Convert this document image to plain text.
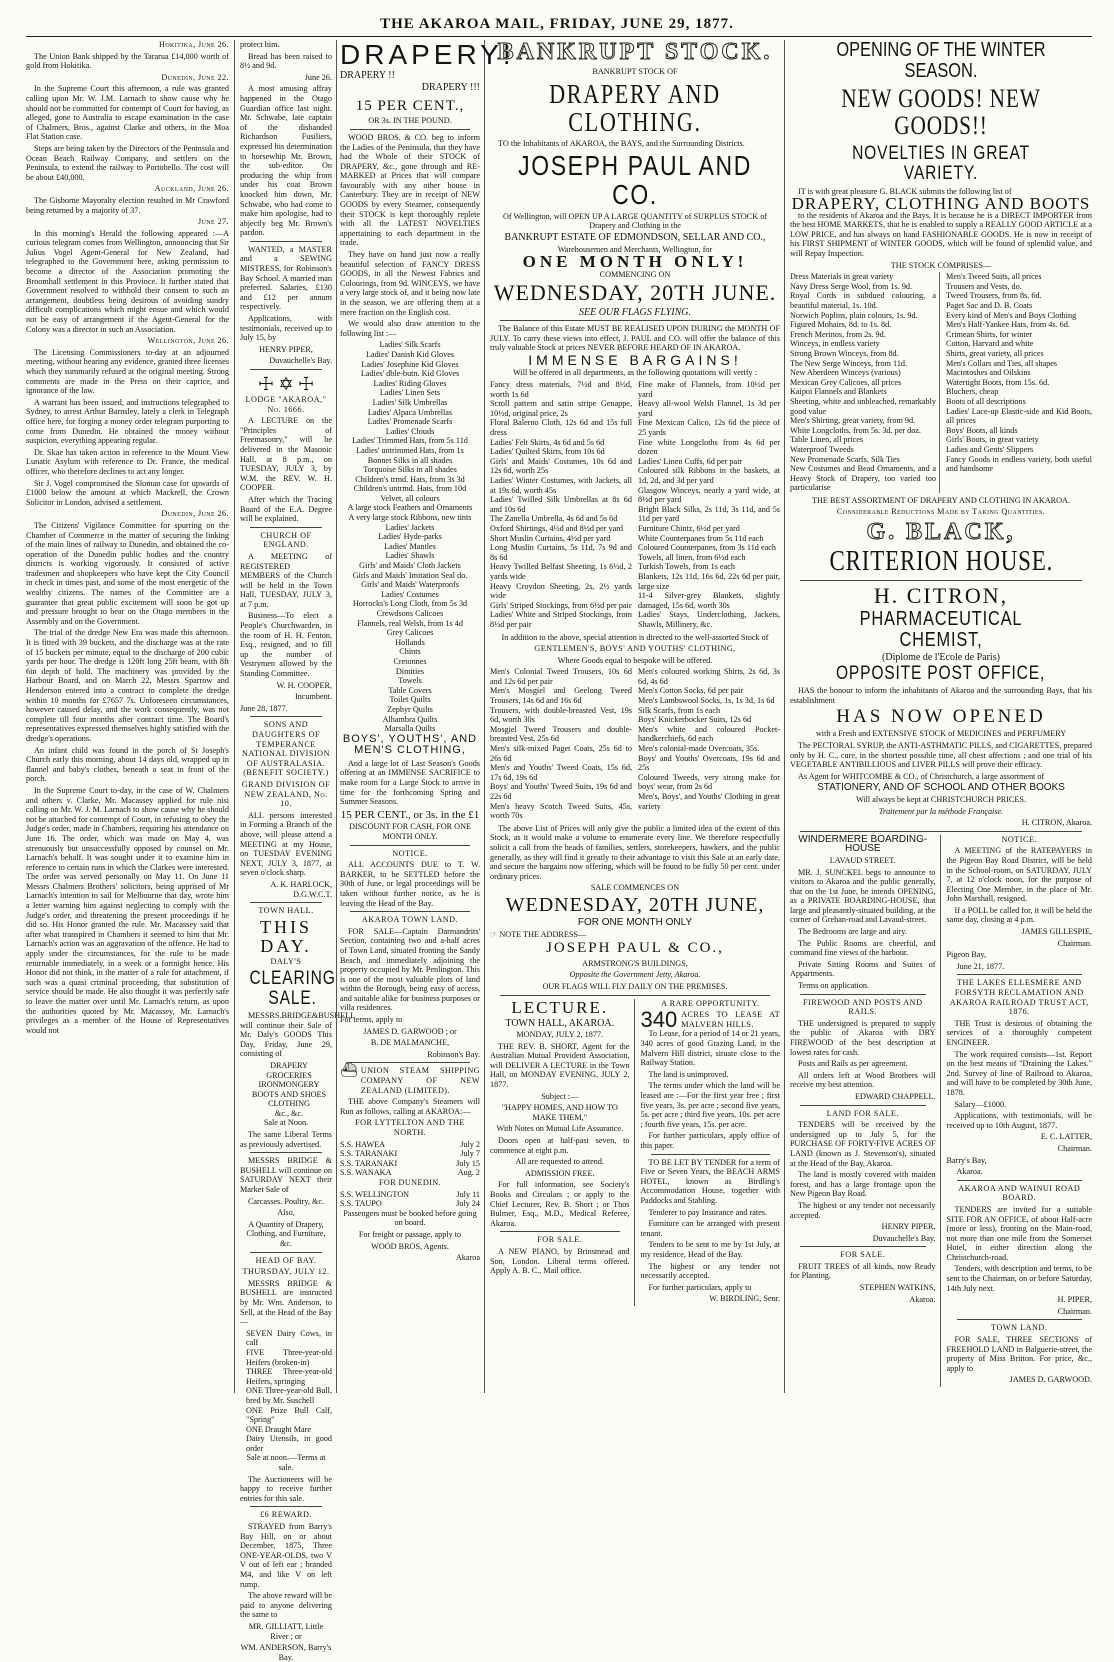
THE AKAROA MAIL, FRIDAY, JUNE 29, 1877.

Hokitika, June 26.

The Union Bank shipped by the Tararua £14,000 worth of gold from Hokitika.

Dunedin, June 22.

In the Supreme Court this afternoon, a rule was granted calling upon Mr. W. J.M. Larnach to show cause why he should not be committed for contempt of Court for having, as alleged, gone to Australia to escape examination in the case of Chalmers, Bros., against Clarke and others, in the Moa Flat Station case.

Steps are being taken by the Directors of the Peninsula and Ocean Beach Railway Company, and settlers on the Peninsula, to extend the railway to Portobello. The cost will be about £40,000.

Auckland, June 26.

The Gisborne Mayoralty election resulted in Mr Crawford being returned by a majority of 37.

June 27.

In this morning's Herald the following appeared :—A curious telegram comes from Wellington, announcing that Sir Julius Vogel Agent-General for New Zealand, had telegraphed to the Government here, asking permission to become a director of the Association promoting the Broomhall settlement in this Province. It further stated that Government resolved to withhold their consent to such an arrangement, doubtless being desirous of avoiding sundry difficult complications which might ensue and which would not be easy of arrangement if the Agent-General for the Colony was a director in such an Association.

Wellington, June 26.

The Licensing Commissioners to-day at an adjourned meeting, without hearing any evidence, granted three licenses which they summarily refused at the original meeting. Strong comments are made in the Press on their caprice, and ignorance of the law.

A warrant has been issued, and instructions telegraphed to Sydney, to arrest Arthur Barnsley, lately a clerk in Telegraph office here, for forging a money order telegram purporting to come from Dunedin. He obtained the money without suspicion, everything appearing regular.

Dr. Skae has taken action in reference to the Mount View Lunatic Asylum with reference to Dr. France, the medical officer, who therefore declines to act any longer.

Sir J. Vogel compromised the Sloman case for upwards of £1000 below the amount at which Mackrell, the Crown Solicitor in London, advised a settlement.

Dunedin, June 26.

The Citizens' Vigilance Committee for spurring on the Chamber of Commerce in the matter of securing the linking of the main lines of railway to Dunedin, and obtained the co-operation of the Dunedin public bodies and the country districts is working vigorously. It consisted of active tradesmen and shopkeepers who have kept the City Council in check in times past, and some of the most energetic of the wealthy citizens. The names of the Committee are a guarantee that great public excitement will soon be got up and pressure brought to bear on the Otago members in the Assembly and on the Government.

The trial of the dredge New Era was made this afternoon. It is fitted with 39 buckets, and the discharge was at the rate of 15 buckets per minute, equal to the discharge of 200 cubic yards per hour. The dredge is 120ft long 25ft beam, with 8ft 6in depth of hold. The machinery was provided by the Harbour Board, and on March 22, Messrs Sparrow and Henderson entered into a contract to complete the dredge within 10 months for £7657 7s. Unforeseen circumstances, however caused delay, and the work consequently, was not complete till four months after contract time. The Board's representatives expressed themselves highly satisfied with the dredge's operations.

An infant child was found in the porch of St Joseph's Church early this morning, about 14 days old, wrapped up in flannel and baby's clothes, beneath a seat in front of the porch.

In the Supreme Court to-day, in the case of W. Chalmers and others v. Clarke, Mr. Macassey applied for rule nisi calling on Mr. W. J. M. Larnach to show cause why he should not be attached for contempt of Court, in refusing to obey the Judge's order, made in Chambers, requiring his attendance on June 16. The order, which was made on May 4, was strenuously but unsuccessfully opposed by counsel on Mr. Larnach's behalf. It was sought under it to examine him in reference to certain runs in which the Clarkes were interested. The order was served personally on May 11. On June 11 Messrs Chalmers Brothers' solicitors, being apprised of Mr Larnach's intention to sail for Melbourne that day, wrote him a letter warning him against neglecting to comply with the Judge's order, and threatening the present proceedings if he did so. His Honor granted the rule. Mr. Macassey said that after what transpired in Chambers it seemed to him that Mr. Larnach's action was an aggravation of the offence. He had to apply under the circumstances, for the rule to be made returnable immediately, in a week or a fortnight hence. His Honor did not think, in the matter of a rule for attachment, if such was a quasi criminal proceeding, that substitution of service should be made. He also thought it was perfectly safe to leave the matter over until Mr. Larnach's return, as upon the authorities quoted by Mr. Macassey, Mr. Larnach's privileges as a member of the House of Representatives would not

protect him.

Bread has been raised to 8½ and 9d.

June 26.

A most amusing affray happened in the Otago Guardian office last night. Mr. Schwabe, late captain of the disbanded Richardson Fusiliers, expressed his determination to horsewhip Mr. Brown, the sub-editor. On producing the whip from under his coat Brown knocked him down, Mr. Schwabe, who had come to make him apologise, had to abjectly beg Mr. Brown's pardon.

WANTED, a MASTER and a SEWING MISTRESS, for Robinson's Bay School. A married man preferred. Salaries, £130 and £12 per annum respectively.

Applications, with testimonials, received up to July 15, by

HENRY PIPER,

Duvauchelle's Bay.

☩ ✡ ☩

LODGE "AKAROA," No. 1666.

A LECTURE on the "Principles of Freemasonry," will be delivered in the Masonic Hall, at 8 p.m., on TUESDAY, JULY 3, by W.M. the REV. W. H. COOPER.

After which the Tracing Board of the E.A. Degree will be explained.

CHURCH OF ENGLAND.

A MEETING of REGISTERED MEMBERS of the Church will be held in the Town Hall, TUESDAY, JULY 3, at 7 p.m.

Business—To elect a People's Churchwarden, in the room of H. H. Fenton, Esq., resigned, and to fill up the number of Vestrymen allowed by the Standing Committee.

W. H. COOPER,

Incumbent.

June 28, 1877.

SONS AND DAUGHTERS OF TEMPERANCE NATIONAL DIVISION OF AUSTRALASIA. (BENEFIT SOCIETY.)

GRAND DIVISION OF NEW ZEALAND, No. 10.

ALL persons interested in Forming a Branch of the above, will please attend a MEETING at my House, on TUESDAY EVENING NEXT, JULY 3, 1877, at seven o'clock sharp.

A. K. HARLOCK, D.G.W.C.T.

TOWN HALL.

THIS DAY.

DALY'S

CLEARING SALE.

MESSRS.BRIDGE&BUSHELL will continue their Sale of Mr. Daly's GOODS This Day, Friday, June 29, consisting of

DRAPERY
GROCERIES
IRONMONGERY
BOOTS AND SHOES
CLOTHING
&c., &c.

Sale at Noon.

The same Liberal Terms as previously advertised.

MESSRS BRIDGE & BUSHELL will continue on SATURDAY NEXT their Market Sale of

Carcasses. Poultry, &c.

Also,

A Quantity of Drapery, Clothing, and Furniture, &c.

HEAD OF BAY.

THURSDAY, JULY 12.

MESSRS BRIDGE & BUSHELL are instructed by Mr. Wm. Anderson, to Sell, at the Head of the Bay—

SEVEN Dairy Cows, in calf
FIVE Three-year-old Heifers (broken-in)
THREE Three-year-old Heifers, springing
ONE Three-year-old Bull, bred by Mr. Suschell
ONE Prize Bull Calf, "Spring"
ONE Draught Mare
Dairy Utensils, in good order

Sale at noon.—Terms at sale.

The Auctioneers will be happy to receive further entries for this sale.

£6 REWARD.

STRAYED from Barry's Bay Hill, on or about December, 1875, Three ONE-YEAR-OLDS, two V V out of left ear ; branded M4, and like V on left rump.

The above reward will be paid to anyone delivering the same to

MR. GILLIATT, Little River ; or

WM. ANDERSON, Barry's Bay.

DRAPERY!

DRAPERY !!

DRAPERY !!!

15 PER CENT.,

OR 3s. IN THE POUND.

WOOD BROS. & CO. beg to inform the Ladies of the Peninsula, that they have had the Whole of their STOCK of DRAPERY, &c., gone through and RE-MARKED at Prices that will compare favourably with any other house in Canterbury. They are in receipt of NEW GOODS by every Steamer, consequently their STOCK is kept thoroughly replete with all the LATEST NOVELTIES appertaining to each department in the trade.

They have on hand just now a really beautiful selection of FANCY DRESS GOODS, in all the Newest Fabrics and Colourings, from 9d. WINCEYS, we have a very large stock of, and it being now late in the season, we are offering them at a mere fraction on the English cost.

We would also draw attention to the following list :—

Ladies' Silk Scarfs
Ladies' Danish Kid Gloves
Ladies' Josephine Kid Gloves
Ladies' dble-butn. Kid Gloves
Ladies' Riding Gloves
Ladies' Linen Sets
Ladies' Silk Umbrellas
Ladies' Alpaca Umbrellas
Ladies' Promenade Scarfs
Ladies' Clouds
Ladies' Trimmed Hats, from 5s 11d
Ladies' untrimmed Hats, from 1s
Bonnet Silks in all shades
Torquoise Silks in all shades
Children's trmd. Hats, from 3s 3d
Children's untrmd. Hats, from 10d
Velvet, all colours
A large stock Feathers and Ornaments
A very large stock Ribbons, new tints
Ladies' Jackets
Ladies' Hyde-parks
Ladies' Mantles
Ladies' Shawls
Girls' and Maids' Cloth Jackets
Girls and Maids' Imitation Seal do.
Girls' and Maids' Waterproofs
Ladies' Costumes
Horrocks's Long Cloth, from 5s 3d
Crewdsons Calicoes
Flannels, real Welsh, from 1s 4d
Grey Calicoes
Hollands
Chints
Cretonnes
Dimities
Towels
Table Covers
Toilet Quilts
Zephyr Quilts
Alhambra Quilts
Marsalla Quilts

BOYS', YOUTHS', AND MEN'S CLOTHING,

And a large lot of Last Season's Goods offering at an IMMENSE SACRIFICE to make room for a Large Stock to arrive in time for the forthcoming Spring and Summer Seasons.

15 PER CENT., or 3s. in the £1

DISCOUNT FOR CASH, FOR ONE MONTH ONLY.

NOTICE.

ALL ACCOUNTS DUE to T. W. BARKER, to be SETTLED before the 30th of June, or legal proceedings will be taken without further notice, as he is leaving the Head of the Bay.

AKAROA TOWN LAND.

FOR SALE—Captain Darmandrits' Section, containing two and a-half acres of Town Land, situated fronting the Sandy Beach, and immediately adjoining the property occupied by Mr. Penlington. This is one of the most valuable plots of land within the Borough, being easy of access, and suitable alike for business purposes or villa residences.

For terms, apply to

JAMES D. GARWOOD ; or

B. DE MALMANCHE,

Robinson's Bay.

⛴ UNION STEAM SHIPPING COMPANY OF NEW ZEALAND (LIMITED).

THE above Company's Steamers will Run as follows, calling at AKAROA:—

FOR LYTTELTON AND THE NORTH.

S.S. HAWEA	July 2
S.S. TARANAKI	July 7
S.S. TARANAKI	July 15
S.S. WANAKA	Aug. 2

FOR DUNEDIN.

S.S. WELLINGTON	July 11
S.S. TAUPO	July 24

Passengers must be booked before going on board.

For freight or passage, apply to

WOOD BROS, Agents.

Akaroa

BANKRUPT STOCK.

BANKRUPT STOCK OF

DRAPERY AND CLOTHING.

TO the Inhabitants of AKAROA, the BAYS, and the Surrounding Districts.

JOSEPH PAUL AND CO.

Of Wellington, will OPEN UP A LARGE QUANTITY of SURPLUS STOCK of Drapery and Clothing in the

BANKRUPT ESTATE OF EDMONDSON, SELLAR AND CO.,

Warehousemen and Merchants, Wellington, for

ONE MONTH ONLY!

COMMENCING ON

WEDNESDAY, 20TH JUNE.

SEE OUR FLAGS FLYING.

The Balance of this Estate MUST BE REALISED UPON DURING the MONTH OF JULY. To carry these views into effect, J. PAUL and CO. will offer the balance of this truly valuable Stock at prices NEVER BEFORE HEARD OF IN AKAROA.

IMMENSE BARGAINS!

Will be offered in all departments, as the following quotations will verify :

Fancy dress materials, 7½d and 8½d, worth 1s 6d
Scroll pattern and satin stripe Genappe, 10½d, original price, 2s
Floral Balerno Cloth, 12s 6d and 15s full dress
Ladies' Felt Skirts, 4s 6d and 5s 6d
Ladies' Quilted Skirts, from 10s 6d
Girls' and Maids' Costumes, 10s 6d and 12s 6d, worth 25s
Ladies' Winter Costumes, with Jackets, all at 19s 6d, worth 45s
Ladies' Twilled Silk Umbrellas at 8s 6d and 10s 6d
The Zanella Umbrella, 4s 6d and 5s 6d
Oxford Shirtings, 4½d and 8½d per yard
Short Muslin Curtains, 4½d per yard
Long Muslin Curtains, 5s 11d, 7s 9d and 8s 6d
Heavy Twilled Belfast Sheeting, 1s 6½d, 2 yards wide
Heavy Croydon Sheeting, 2s, 2½ yards wide
Girls' Striped Stockings, from 6½d per pair
Ladies' White and Striped Stockings, from 8½d per pair
Fine make of Flannels, from 10½d per yard
Heavy all-wool Welsh Flannel, 1s 3d per yard
Fine Mexican Calico, 12s 6d the piece of 25 yards
Fine white Longcloths from 4s 6d per dozen
Ladies' Linen Cuffs, 6d per pair
Coloured silk Ribbons in the baskets, at 1d, 2d, and 3d per yard
Glasgow Winceys, nearly a yard wide, at 8½d per yard
Bright Black Silks, 2s 11d, 3s 11d, and 5s 11d per yard
Furniture Chintz, 6½d per yard
White Counterpanes from 5s 11d each
Coloured Counterpanes, from 3s 11d each
Towels, all linen, from 6½d each
Turkish Towels, from 1s each
Blankets, 12s 11d, 16s 6d, 22s 6d per pair, large size
11-4 Silver-grey Blankets, slightly damaged, 15s 6d, worth 30s
Ladies' Stays, Underclothing, Jackets, Shawls, Millinery, &c.

In addition to the above, special attention is directed to the well-assorted Stock of

GENTLEMEN'S, BOYS' AND YOUTHS' CLOTHING,

Where Goods equal to bespoke will be offered.

Men's Colonial Tweed Trousers, 10s 6d and 12s 6d per pair
Men's Mosgiel and Geelong Tweed Trousers, 14s 6d and 16s 6d
Trousers, with double-breasted Vest, 19s 6d, worth 30s
Mosgiel Tweed Trousers and double-breasted Vest, 25s 6d
Men's silk-mixed Paget Coats, 25s 6d to 26s 6d
Men's and Youths' Tweed Coats, 15s 6d, 17s 6d, 19s 6d
Boys' and Youths' Tweed Suits, 19s 6d and 22s 6d
Men's heavy Scotch Tweed Suits, 45s, worth 70s
Men's coloured working Shirts, 2s 6d, 3s 6d, 4s 6d
Men's Cotton Socks, 6d per pair
Men's Lambswool Socks, 1s, 1s 3d, 1s 6d
Silk Scarfs, from 1s each
Boys' Knickerbocker Suits, 12s 6d
Men's white and coloured Pocket-handkerchiefs, 6d each
Men's colonial-made Overcoats, 35s.
Boys' and Youths' Overcoats, 19s 6d and 25s
Coloured Tweeds, very strong make for boys' wear, from 2s 6d
Men's, Boys', and Youths' Clothing in great variety

The above List of Prices will only give the public a limited idea of the extent of this Stock, as it would make a volume to enumerate every line. We therefore respectfully solicit a call from the heads of families, settlers, storekeepers, hawkers, and the public generally, as they will find it greatly to their advantage to visit this Sale at an early date, and secure the bargains now offering, which will be found to be fully 50 per cent. under ordinary prices.

SALE COMMENCES ON

WEDNESDAY, 20TH JUNE,

FOR ONE MONTH ONLY

☞ NOTE THE ADDRESS—

JOSEPH PAUL & CO.,

ARMSTRONG'S BUILDINGS,

Opposite the Government Jetty, Akaroa.

OUR FLAGS WILL FLY DAILY ON THE PREMISES.

LECTURE.

TOWN HALL, AKAROA.

MONDAY, JULY 2, 1877.

THE REV. B. SHORT, Agent for the Australian Mutual Provident Association, will DELIVER A LECTURE in the Town Hall, on MONDAY EVENING, JULY 2, 1877.

Subject :—

"HAPPY HOMES, AND HOW TO MAKE THEM,"

With Notes on Mutual Life Assurance.

Doors open at half-past seven, to commence at eight p.m.

All are requested to attend.

ADMISSION FREE.

For full information, see Society's Books and Circulars ; or apply to the Chief Lecturer, Rev. B. Short ; or Thos Bulmer, Esq., M.D., Medical Referee, Akaroa.

FOR SALE.

A NEW PIANO, by Brinsmead and Son, London. Liberal terms offered. Apply A. B. C., Mail office.

A RARE OPPORTUNITY.

340 ACRES TO LEASE AT MALVERN HILLS.

To Lease, for a period of 14 or 21 years, 340 acres of good Grazing Land, in the Malvern Hill district, situate close to the Railway Station.

The land is unimproved.

The terms under which the land will be leased are :—For the first year free ; first five years, 3s. per acre ; second five years, 5s. per acre ; third five years, 10s. per acre ; fourth five years, 15s. per acre.

For further particulars, apply office of this paper.

TO BE LET BY TENDER for a term of Five or Seven Years, the BEACH ARMS HOTEL, known as Birdling's Accommodation House, together with Paddocks and Stabling.

Tenderer to pay Insurance and rates.

Furniture can be arranged with present tenant.

Tenders to be sent to me by 1st July, at my residence, Head of the Bay.

The highest or any tender not necessarily accepted.

For further particulars, apply to

W. BIRDLING, Senr.

OPENING OF THE WINTER SEASON.

NEW GOODS! NEW GOODS!!

NOVELTIES IN GREAT VARIETY.

IT is with great pleasure G. BLACK submits the following list of

DRAPERY, CLOTHING AND BOOTS

to the residents of Akaroa and the Bays. It is because he is a DIRECT IMPORTER from the best HOME MARKETS, that he is enabled to supply a REALLY GOOD ARTICLE at a LOW PRICE, and has always on hand FASHIONABLE GOODS. He is now in receipt of his FIRST SHIPMENT of WINTER GOODS, which will be found of splendid value, and will Repay Inspection.

THE STOCK COMPRISES—

Dress Materials in great variety
Navy Dress Serge Wool, from 1s. 9d.
Royal Cords in subdued colouring, a beautiful material, 1s. 10d.
Norwich Poplins, plain colours, 1s. 9d.
Figured Mohairs, 8d. to 1s. 8d.
French Merinos, from 2s. 9d.
Winceys, in endless variety
Strong Brown Winceys, from 8d.
The New Serge Winceys, from 11d.
New Aberdeen Winceys (various)
Mexican Grey Calicoes, all prices
Kaipoi Flannels and Blankets
Sheeting, white and unbleached, remarkably good value
Men's Shirting, great variety, from 9d.
White Longcloths, from 5s. 3d. per doz.
Table Linen, all prices
Waterproof Tweeds
New Promenade Scarfs, Silk Ties
New Costumes and Bead Ornaments, and a Heavy Stock of Drapery, too varied too particularise
Men's Tweed Suits, all prices
Trousers and Vests, do.
Tweed Trousers, from 8s. 6d.
Paget Sac and D. B. Coats
Every kind of Men's and Boys Clothing
Men's Half-Yankee Hats, from 4s. 6d.
Crimean Shirts, for winter
Cotton, Harvard and white
Shirts, great variety, all prices
Men's Collars and Ties, all shapes
Macintoshes and Oilskins
Watertight Boots, from 15s. 6d.
Bluchers, cheap
Boots of all descriptions
Ladies' Lace-up Elastic-side and Kid Boots, all prices
Boys' Boots, all kinds
Girls' Boots, in great variety
Ladies and Gents' Slippers
Fancy Goods in endless variety, both useful and handsome

THE BEST ASSORTMENT OF DRAPERY AND CLOTHING IN AKAROA.

Considerable Reductions Made by Taking Quantities.

G. BLACK,

CRITERION HOUSE.

H. CITRON,

PHARMACEUTICAL CHEMIST,

(Diplome de l'Ecole de Paris)

OPPOSITE POST OFFICE,

HAS the honour to inform the inhabitants of Akaroa and the surrounding Bays, that his establishment

HAS NOW OPENED

with a Fresh and EXTENSIVE STOCK of MEDICINES and PERFUMERY

The PECTORAL SYRUP, the ANTI-ASTHMATIC PILLS, and CIGARETTES, prepared only by H. C., cure, in the shortest possible time, all chest affections ; and one trial of his VEGETABLE ANTIBILLIOUS and LIVER PILLS will prove their efficacy.

As Agent for WHITCOMBE & CO., of Christchurch, a large assortment of

STATIONERY, AND OF SCHOOL AND OTHER BOOKS

Will always be kept at CHRISTCHURCH PRICES.

Traitement par la méthode Française.

H. CITRON, Akaroa.

WINDERMERE BOARDING-HOUSE

LAVAUD STREET.

MR. J. SUNCKEL begs to announce to visitors to Akaroa and the public generally, that on the 1st June, he intends OPENING, as a PRIVATE BOARDING-HOUSE, that large and pleasantly-situated building, at the corner of Grehan-road and Lavaud-street.

The Bedrooms are large and airy.

The Public Rooms are cheerful, and command fine views of the harbour.

Private Sitting Rooms and Suites of Appartments.

Terms on application.

FIREWOOD AND POSTS AND RAILS.

THE undersigned is prepared to supply the public of Akaroa with DRY FIREWOOD of the best description at lowest rates for cash.

Posts and Rails as per agreement.

All orders left at Wood Brothers will receive my best attention.

EDWARD CHAPPELL.

LAND FOR SALE.

TENDERS will be received by the undersigned up to July 5, for the PURCHASE OF FORTY-FIVE ACRES OF LAND (known as J. Stevenson's), situated at the Head of the Bay, Akaroa.

The land is mostly covered with maiden forest, and has a large frontage upon the New Pigeon Bay Road.

The highest or any tender not necessarily accepted.

HENRY PIPER,

Duvauchelle's Bay.

FOR SALE.

FRUIT TREES of all kinds, now Ready for Planting.

STEPHEN WATKINS,

Akaroa.

NOTICE.

A MEETING of the RATEPAYERS in the Pigeon Bay Road District, will be held in the School-room, on SATURDAY, JULY 7, at 12 o'clock noon, for the purpose of Electing One Member, in the place of Mr. John Marshall, resigned.

If a POLL be called for, it will be held the same day, closing at 4 p.m.

JAMES GILLESPIE,

Chairman.

Pigeon Bay,

June 21, 1877.

THE LAKES ELLESMERE AND FORSYTH RECLAMATION AND AKAROA RAILROAD TRUST ACT, 1876.

THE Trust is desirous of obtaining the services of a thoroughly competent ENGINEER.

The work required consists—1st. Report on the best means of "Draining the Lakes." 2nd. Survey of line of Railroad to Akaroa, and will have to be completed by 30th June, 1878.

Salary—£1000.

Applications, with testimonials, will be received up to 10th August, 1877.

E. C. LATTER,

Chairman.

Barry's Bay,

Akaroa.

AKAROA AND WAINUI ROAD BOARD.

TENDERS are invited for a suitable SITE FOR AN OFFICE, of about Half-acre (more or less), fronting on the Main-road, not more than one mile from the Somerset Hotel, in either direction along the Christchurch-road.

Tenders, with description and terms, to be sent to the Chairman, on or before Saturday, 14th July next.

H. PIPER,

Chairman.

TOWN LAND.

FOR SALE, THREE SECTIONS of FREEHOLD LAND in Balguerie-street, the property of Miss Britton. For price, &c., apply to

JAMES D. GARWOOD.
